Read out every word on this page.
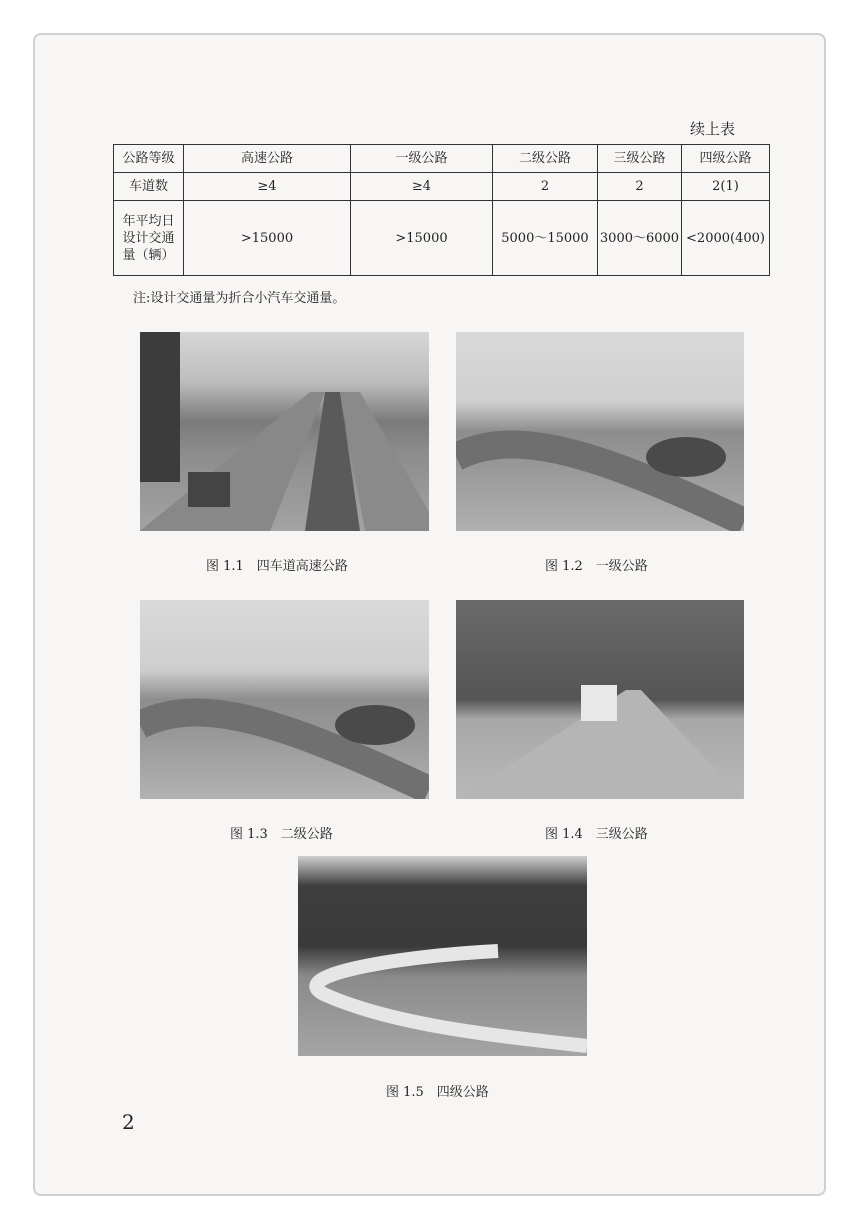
续上表
公路等级	高速公路	一级公路	二级公路	三级公路	四级公路
车道数	≥4	≥4	2	2	2(1)
年平均日设计交通量（辆）	>15000	>15000	5000～15000	3000～6000	<2000(400)
注:设计交通量为折合小汽车交通量。
图 1.1　四车道高速公路	图 1.2　一级公路
图 1.3　二级公路	图 1.4　三级公路
图 1.5　四级公路
2
